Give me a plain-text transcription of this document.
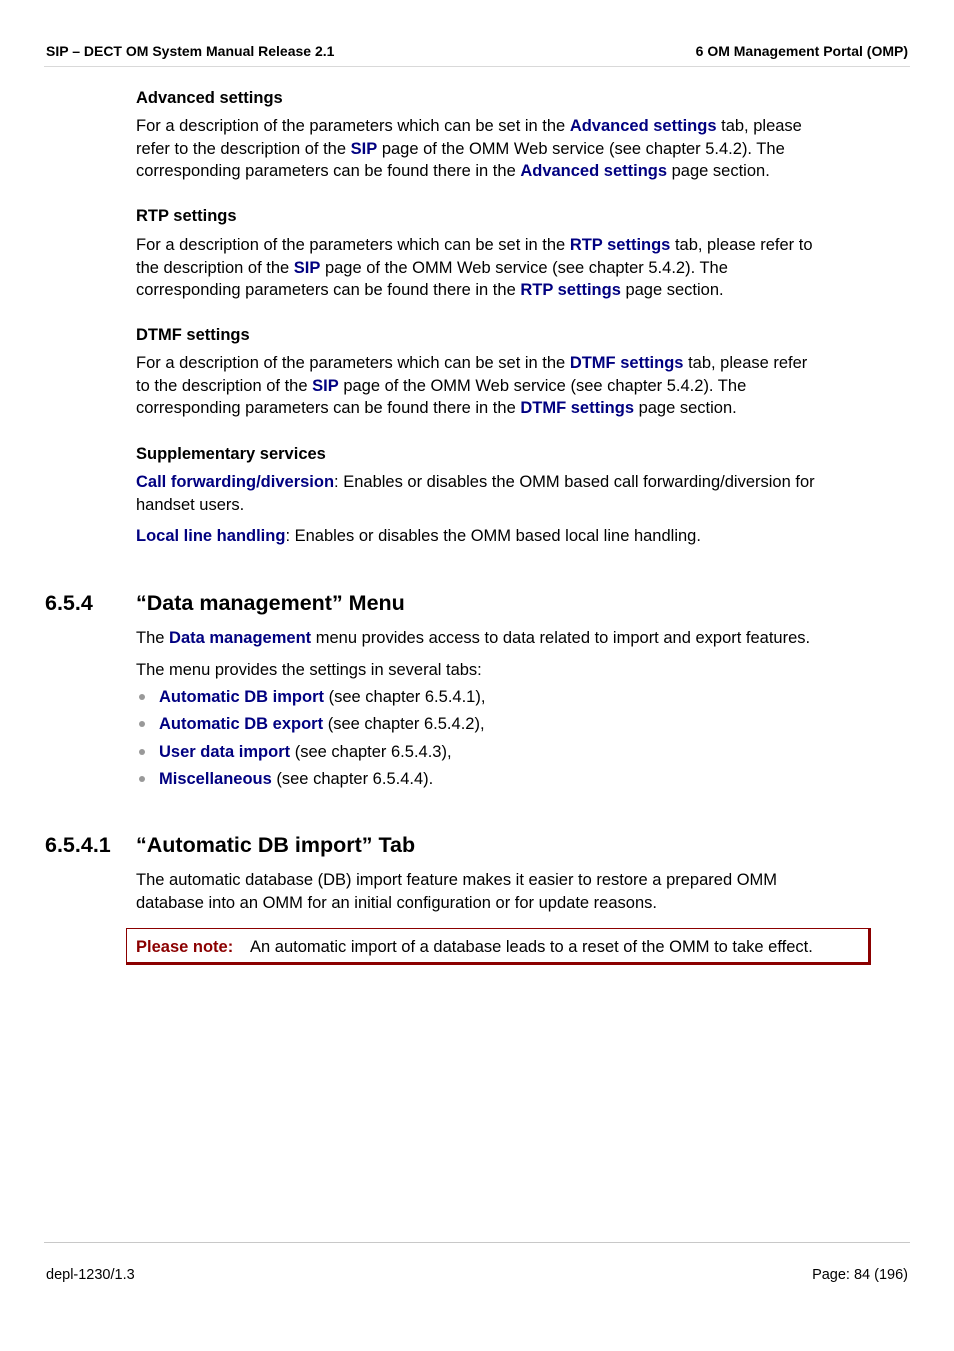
SIP – DECT OM System Manual Release 2.1	6 OM Management Portal (OMP)
Advanced settings
For a description of the parameters which can be set in the Advanced settings tab, please
refer to the description of the SIP page of the OMM Web service (see chapter 5.4.2). The
corresponding parameters can be found there in the Advanced settings page section.
RTP settings
For a description of the parameters which can be set in the RTP settings tab, please refer to
the description of the SIP page of the OMM Web service (see chapter 5.4.2). The
corresponding parameters can be found there in the RTP settings page section.
DTMF settings
For a description of the parameters which can be set in the DTMF settings tab, please refer
to the description of the SIP page of the OMM Web service (see chapter 5.4.2). The
corresponding parameters can be found there in the DTMF settings page section.
Supplementary services
Call forwarding/diversion: Enables or disables the OMM based call forwarding/diversion for
handset users.
Local line handling: Enables or disables the OMM based local line handling.
6.5.4 “Data management” Menu
The Data management menu provides access to data related to import and export features.
The menu provides the settings in several tabs:
Automatic DB import (see chapter 6.5.4.1),
Automatic DB export (see chapter 6.5.4.2),
User data import (see chapter 6.5.4.3),
Miscellaneous (see chapter 6.5.4.4).
6.5.4.1 “Automatic DB import” Tab
The automatic database (DB) import feature makes it easier to restore a prepared OMM
database into an OMM for an initial configuration or for update reasons.
Please note: An automatic import of a database leads to a reset of the OMM to take effect.
depl-1230/1.3	Page: 84 (196)
